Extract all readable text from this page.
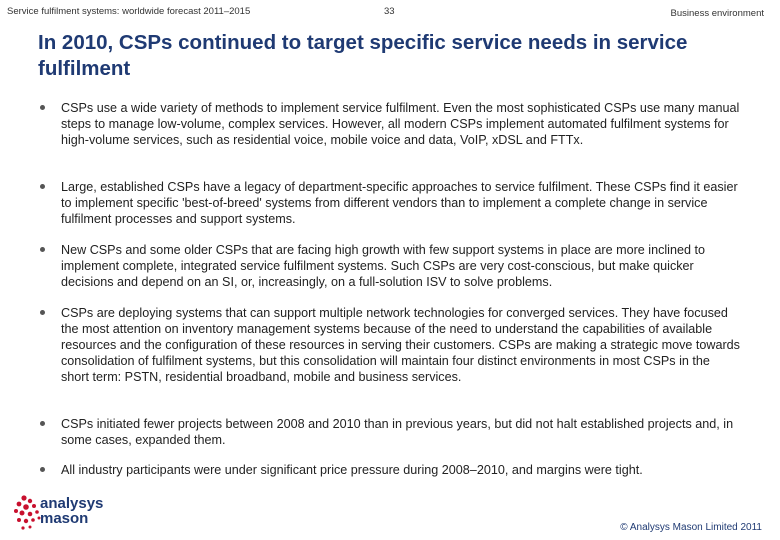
Service fulfilment systems: worldwide forecast 2011–2015	33	Business environment
In 2010, CSPs continued to target specific service needs in service fulfilment
CSPs use a wide variety of methods to implement service fulfilment. Even the most sophisticated CSPs use many manual steps to manage low-volume, complex services. However, all modern CSPs implement automated fulfilment systems for high-volume services, such as residential voice, mobile voice and data, VoIP, xDSL and FTTx.
Large, established CSPs have a legacy of department-specific approaches to service fulfilment. These CSPs find it easier to implement specific 'best-of-breed' systems from different vendors than to implement a complete change in service fulfilment processes and support systems.
New CSPs and some older CSPs that are facing high growth with few support systems in place are more inclined to implement complete, integrated service fulfilment systems. Such CSPs are very cost-conscious, but make quicker decisions and depend on an SI, or, increasingly, on a full-solution ISV to solve problems.
CSPs are deploying systems that can support multiple network technologies for converged services. They have focused the most attention on inventory management systems because of the need to understand the capabilities of available resources and the configuration of these resources in serving their customers. CSPs are making a strategic move towards consolidation of fulfilment systems, but this consolidation will maintain four distinct environments in most CSPs in the short term: PSTN, residential broadband, mobile and business services.
CSPs initiated fewer projects between 2008 and 2010 than in previous years, but did not halt established projects and, in some cases, expanded them.
All industry participants were under significant price pressure during 2008–2010, and margins were tight.
analysys
mason
© Analysys Mason Limited 2011
